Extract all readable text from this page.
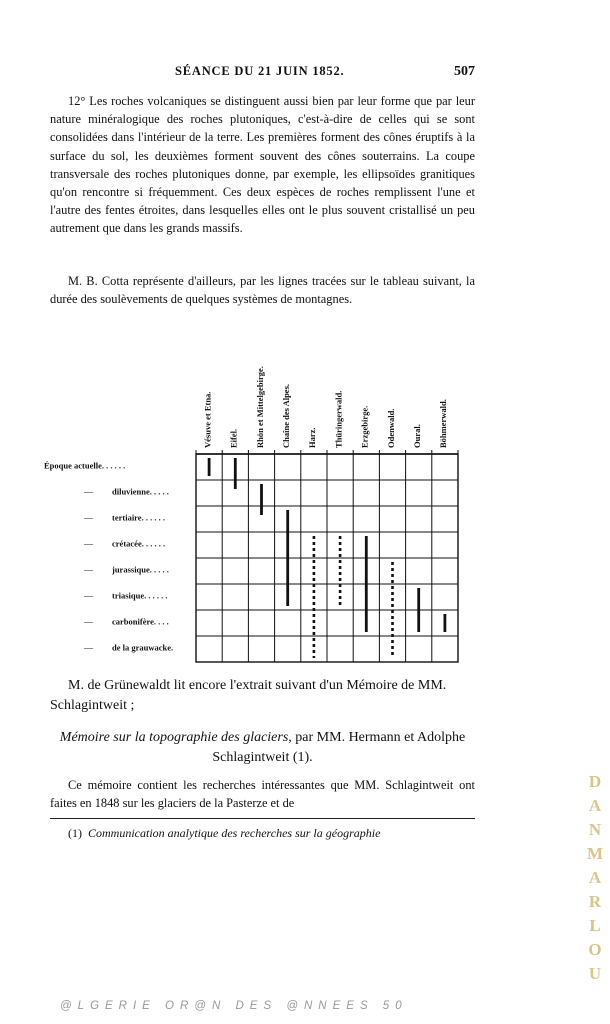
SÉANCE DU 21 JUIN 1852.	507
12° Les roches volcaniques se distinguent aussi bien par leur forme que par leur nature minéralogique des roches plutoniques, c'est-à-dire de celles qui se sont consolidées dans l'intérieur de la terre. Les premières forment des cônes éruptifs à la surface du sol, les deuxièmes forment souvent des cônes souterrains. La coupe transversale des roches plutoniques donne, par exemple, les ellipsoïdes granitiques qu'on rencontre si fréquemment. Ces deux espèces de roches remplissent l'une et l'autre des fentes étroites, dans lesquelles elles ont le plus souvent cristallisé un peu autrement que dans les grands massifs.
M. B. Cotta représente d'ailleurs, par les lignes tracées sur le tableau suivant, la durée des soulèvements de quelques systèmes de montagnes.
Vésuve et Etna. Eifel. Rhön et Mittelgebirge. Chaîne des Alpes. Harz. Thüringerwald. Erzgebirge. Odenwald. Oural. Böhmerwald.
Époque actuelle. . . . . .
— diluvienne. . . . .
— tertiaire. . . . . .
— crétacée. . . . . .
— jurassique. . . . .
— triasique. . . . . .
— carbonifère. . . .
— de la grauwacke.
M. de Grünewaldt lit encore l'extrait suivant d'un Mémoire de MM. Schlagintweit ;
Mémoire sur la topographie des glaciers, par MM. Hermann et Adolphe Schlagintweit (1).
Ce mémoire contient les recherches intéressantes que MM. Schlagintweit ont faites en 1848 sur les glaciers de la Pasterze et de
(1) Communication analytique des recherches sur la géographie
DANMARLOU
@LGERIE OR@N DES @NNEES 50
